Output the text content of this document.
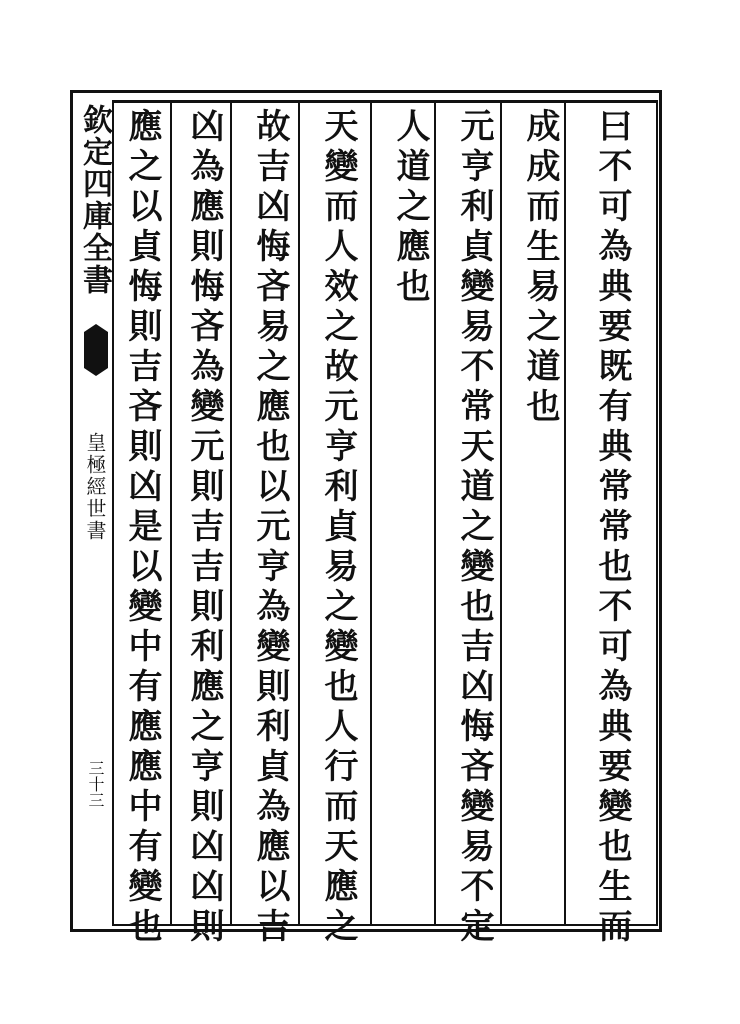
欽定四庫全書
皇極經世書
三十三	曰不可為典要既有典常常也不可為典要變也生而
成成而生易之道也
元亨利貞變易不常天道之變也吉凶悔吝變易不定
人道之應也
天變而人效之故元亨利貞易之變也人行而天應之
故吉凶悔吝易之應也以元亨為變則利貞為應以吉
凶為應則悔吝為變元則吉吉則利應之亨則凶凶則
應之以貞悔則吉吝則凶是以變中有應應中有變也
